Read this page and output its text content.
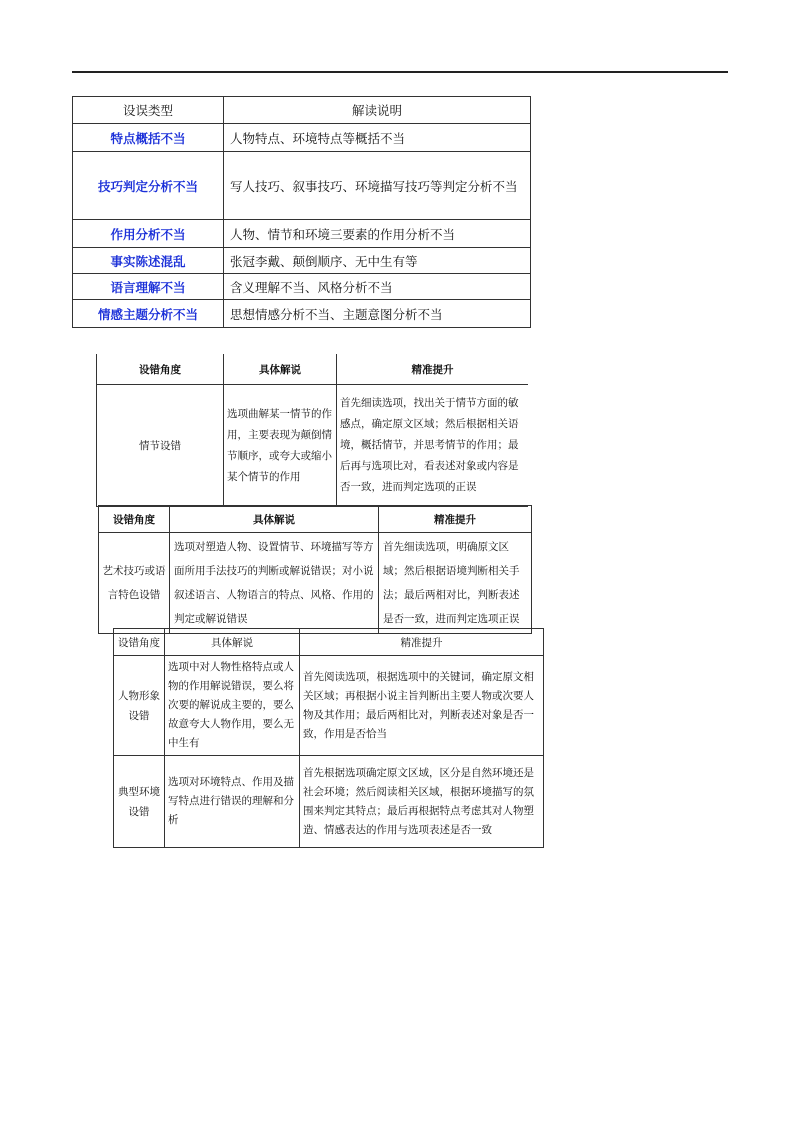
设误类型	解读说明
特点概括不当	人物特点、环境特点等概括不当
技巧判定分析不当	写人技巧、叙事技巧、环境描写技巧等判定分析不当
作用分析不当	人物、情节和环境三要素的作用分析不当
事实陈述混乱	张冠李戴、颠倒顺序、无中生有等
语言理解不当	含义理解不当、风格分析不当
情感主题分析不当	思想情感分析不当、主题意图分析不当
设错角度	具体解说	精准提升
情节设错	选项曲解某一情节的作用，主要表现为颠倒情节顺序，或夸大或缩小某个情节的作用	首先细读选项，找出关于情节方面的敏感点，确定原文区域；然后根据相关语境，概括情节，并思考情节的作用；最后再与选项比对，看表述对象或内容是否一致，进而判定选项的正误
设错角度	具体解说	精准提升
艺术技巧或语言特色设错	选项对塑造人物、设置情节、环境描写等方面所用手法技巧的判断或解说错误；对小说叙述语言、人物语言的特点、风格、作用的判定或解说错误	首先细读选项，明确原文区域；然后根据语境判断相关手法；最后两相对比，判断表述是否一致，进而判定选项正误
设错角度	具体解说	精准提升
人物形象设错	选项中对人物性格特点或人物的作用解说错误，要么将次要的解说成主要的，要么故意夸大人物作用，要么无中生有	首先阅读选项，根据选项中的关键词，确定原文相关区域；再根据小说主旨判断出主要人物或次要人物及其作用；最后两相比对，判断表述对象是否一致，作用是否恰当
典型环境设错	选项对环境特点、作用及描写特点进行错误的理解和分析	首先根据选项确定原文区域，区分是自然环境还是社会环境；然后阅读相关区域，根据环境描写的氛围来判定其特点；最后再根据特点考虑其对人物塑造、情感表达的作用与选项表述是否一致
